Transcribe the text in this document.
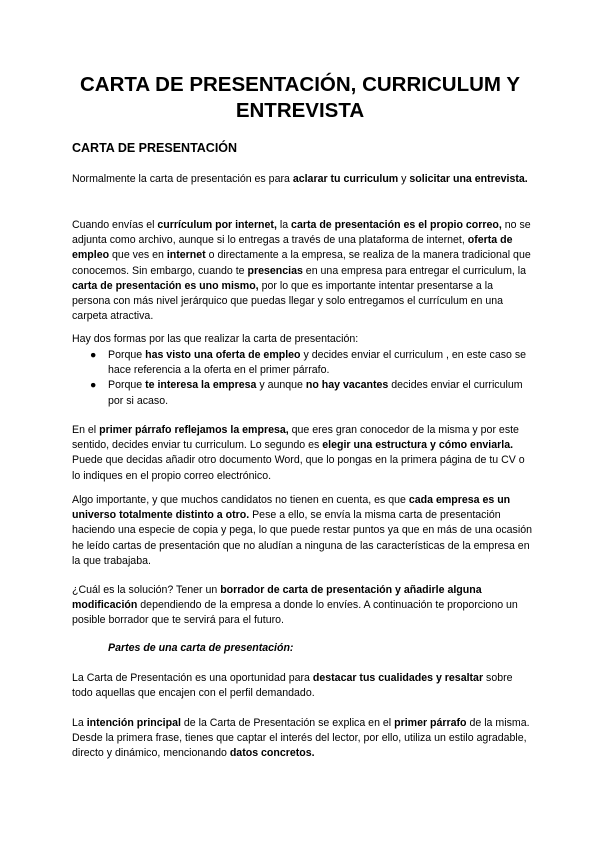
CARTA DE PRESENTACIÓN, CURRICULUM Y ENTREVISTA
CARTA DE PRESENTACIÓN

Normalmente la carta de presentación es para aclarar tu curriculum y solicitar una entrevista.

Cuando envías el currículum por internet, la carta de presentación es el propio correo, no se adjunta como archivo, aunque si lo entregas a través de una plataforma de internet, oferta de empleo que ves en internet o directamente a la empresa, se realiza de la manera tradicional que conocemos. Sin embargo, cuando te presencias en una empresa para entregar el curriculum, la carta de presentación es uno mismo, por lo que es importante intentar presentarse a la persona con más nivel jerárquico que puedas llegar y solo entregamos el currículum en una carpeta atractiva.

Hay dos formas por las que realizar la carta de presentación:

● Porque has visto una oferta de empleo y decides enviar el curriculum , en este caso se hace referencia a la oferta en el primer párrafo.
● Porque te interesa la empresa y aunque no hay vacantes decides enviar el curriculum por si acaso.

En el primer párrafo reflejamos la empresa, que eres gran conocedor de la misma y por este sentido, decides enviar tu curriculum. Lo segundo es elegir una estructura y cómo enviarla. Puede que decidas añadir otro documento Word, que lo pongas en la primera página de tu CV o lo indiques en el propio correo electrónico.

Algo importante, y que muchos candidatos no tienen en cuenta, es que cada empresa es un universo totalmente distinto a otro. Pese a ello, se envía la misma carta de presentación haciendo una especie de copia y pega, lo que puede restar puntos ya que en más de una ocasión he leído cartas de presentación que no aludían a ninguna de las características de la empresa en la que trabajaba.

¿Cuál es la solución? Tener un borrador de carta de presentación y añadirle alguna modificación dependiendo de la empresa a donde lo envíes. A continuación te proporciono un posible borrador que te servirá para el futuro.

Partes de una carta de presentación:

La Carta de Presentación es una oportunidad para destacar tus cualidades y resaltar sobre todo aquellas que encajen con el perfil demandado.

La intención principal de la Carta de Presentación se explica en el primer párrafo de la misma. Desde la primera frase, tienes que captar el interés del lector, por ello, utiliza un estilo agradable, directo y dinámico, mencionando datos concretos.
